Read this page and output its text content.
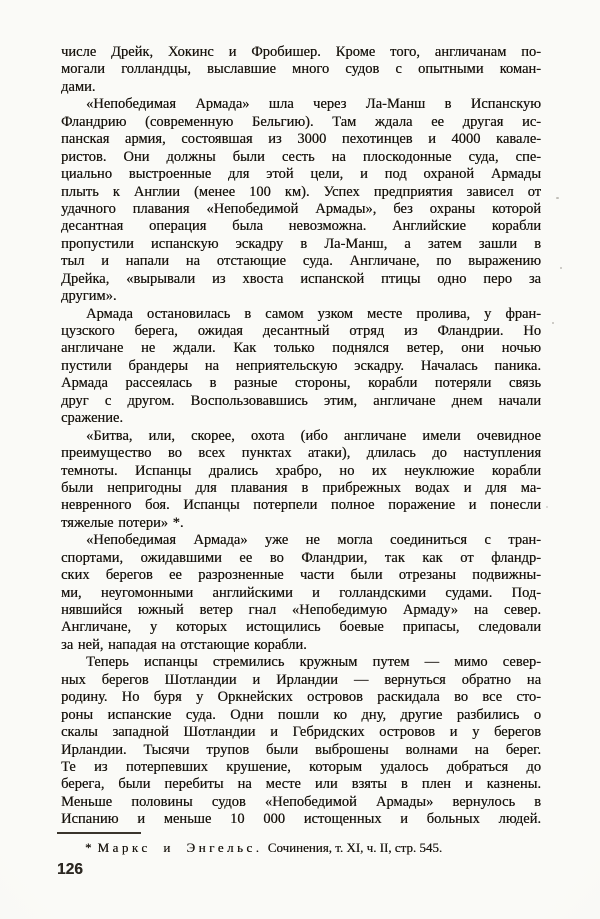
числе Дрейк, Хокинс и Фробишер. Кроме того, англичанам по-
могали голландцы, выславшие много судов с опытными коман-
дами.
«Непобедимая Армада» шла через Ла-Манш в Испанскую
Фландрию (современную Бельгию). Там ждала ее другая ис-
панская армия, состоявшая из 3000 пехотинцев и 4000 кавале-
ристов. Они должны были сесть на плоскодонные суда, спе-
циально выстроенные для этой цели, и под охраной Армады
плыть к Англии (менее 100 км). Успех предприятия зависел от
удачного плавания «Непобедимой Армады», без охраны которой
десантная операция была невозможна. Английские корабли
пропустили испанскую эскадру в Ла-Манш, а затем зашли в
тыл и напали на отстающие суда. Англичане, по выражению
Дрейка, «вырывали из хвоста испанской птицы одно перо за
другим».
Армада остановилась в самом узком месте пролива, у фран-
цузского берега, ожидая десантный отряд из Фландрии. Но
англичане не ждали. Как только поднялся ветер, они ночью
пустили брандеры на неприятельскую эскадру. Началась паника.
Армада рассеялась в разные стороны, корабли потеряли связь
друг с другом. Воспользовавшись этим, англичане днем начали
сражение.
«Битва, или, скорее, охота (ибо англичане имели очевидное
преимущество во всех пунктах атаки), длилась до наступления
темноты. Испанцы дрались храбро, но их неуклюжие корабли
были непригодны для плавания в прибрежных водах и для ма-
невренного боя. Испанцы потерпели полное поражение и понесли
тяжелые потери» *.
«Непобедимая Армада» уже не могла соединиться с тран-
спортами, ожидавшими ее во Фландрии, так как от фландр-
ских берегов ее разрозненные части были отрезаны подвижны-
ми, неугомонными английскими и голландскими судами. Под-
нявшийся южный ветер гнал «Непобедимую Армаду» на север.
Англичане, у которых истощились боевые припасы, следовали
за ней, нападая на отстающие корабли.
Теперь испанцы стремились кружным путем — мимо север-
ных берегов Шотландии и Ирландии — вернуться обратно на
родину. Но буря у Оркнейских островов раскидала во все сто-
роны испанские суда. Одни пошли ко дну, другие разбились о
скалы западной Шотландии и Гебридских островов и у берегов
Ирландии. Тысячи трупов были выброшены волнами на берег.
Те из потерпевших крушение, которым удалось добраться до
берега, были перебиты на месте или взяты в плен и казнены.
Меньше половины судов «Непобедимой Армады» вернулось в
Испанию и меньше 10 000 истощенных и больных людей.
* Маркс и Энгельс. Сочинения, т. XI, ч. II, стр. 545.
126
